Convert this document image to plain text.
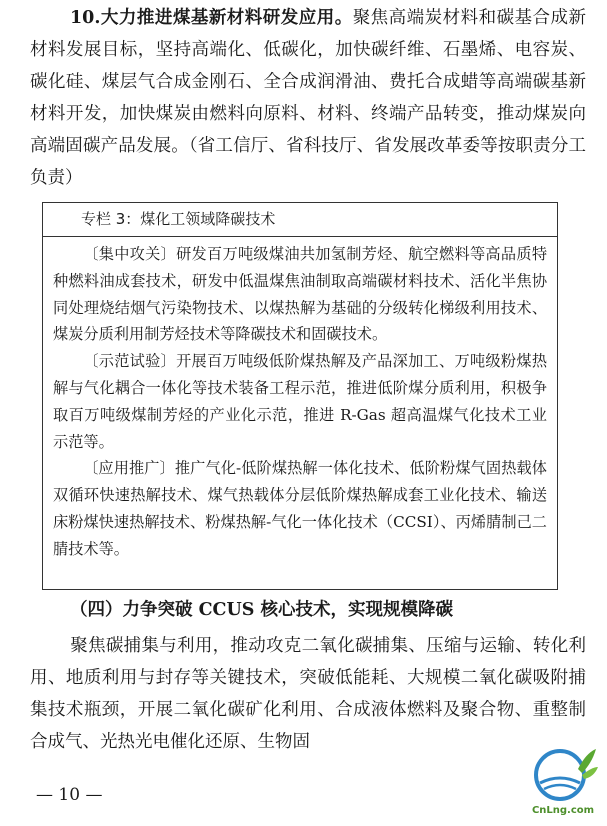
10.大力推进煤基新材料研发应用。聚焦高端炭材料和碳基合成新材料发展目标，坚持高端化、低碳化，加快碳纤维、石墨烯、电容炭、碳化硅、煤层气合成金刚石、全合成润滑油、费托合成蜡等高端碳基新材料开发，加快煤炭由燃料向原料、材料、终端产品转变，推动煤炭向高端固碳产品发展。（省工信厅、省科技厅、省发展改革委等按职责分工负责）

专栏 3：煤化工领域降碳技术

〔集中攻关〕研发百万吨级煤油共加氢制芳烃、航空燃料等高品质特种燃料油成套技术，研发中低温煤焦油制取高端碳材料技术、活化半焦协同处理烧结烟气污染物技术、以煤热解为基础的分级转化梯级利用技术、煤炭分质利用制芳烃技术等降碳技术和固碳技术。
〔示范试验〕开展百万吨级低阶煤热解及产品深加工、万吨级粉煤热解与气化耦合一体化等技术装备工程示范，推进低阶煤分质利用，积极争取百万吨级煤制芳烃的产业化示范，推进 R-Gas 超高温煤气化技术工业示范等。
〔应用推广〕推广气化-低阶煤热解一体化技术、低阶粉煤气固热载体双循环快速热解技术、煤气热载体分层低阶煤热解成套工业化技术、输送床粉煤快速热解技术、粉煤热解-气化一体化技术（CCSI）、丙烯腈制己二腈技术等。

（四）力争突破 CCUS 核心技术，实现规模降碳

聚焦碳捕集与利用，推动攻克二氧化碳捕集、压缩与运输、转化利用、地质利用与封存等关键技术，突破低能耗、大规模二氧化碳吸附捕集技术瓶颈，开展二氧化碳矿化利用、合成液体燃料及聚合物、重整制合成气、光热光电催化还原、生物固

— 10 —
CnLng.com
